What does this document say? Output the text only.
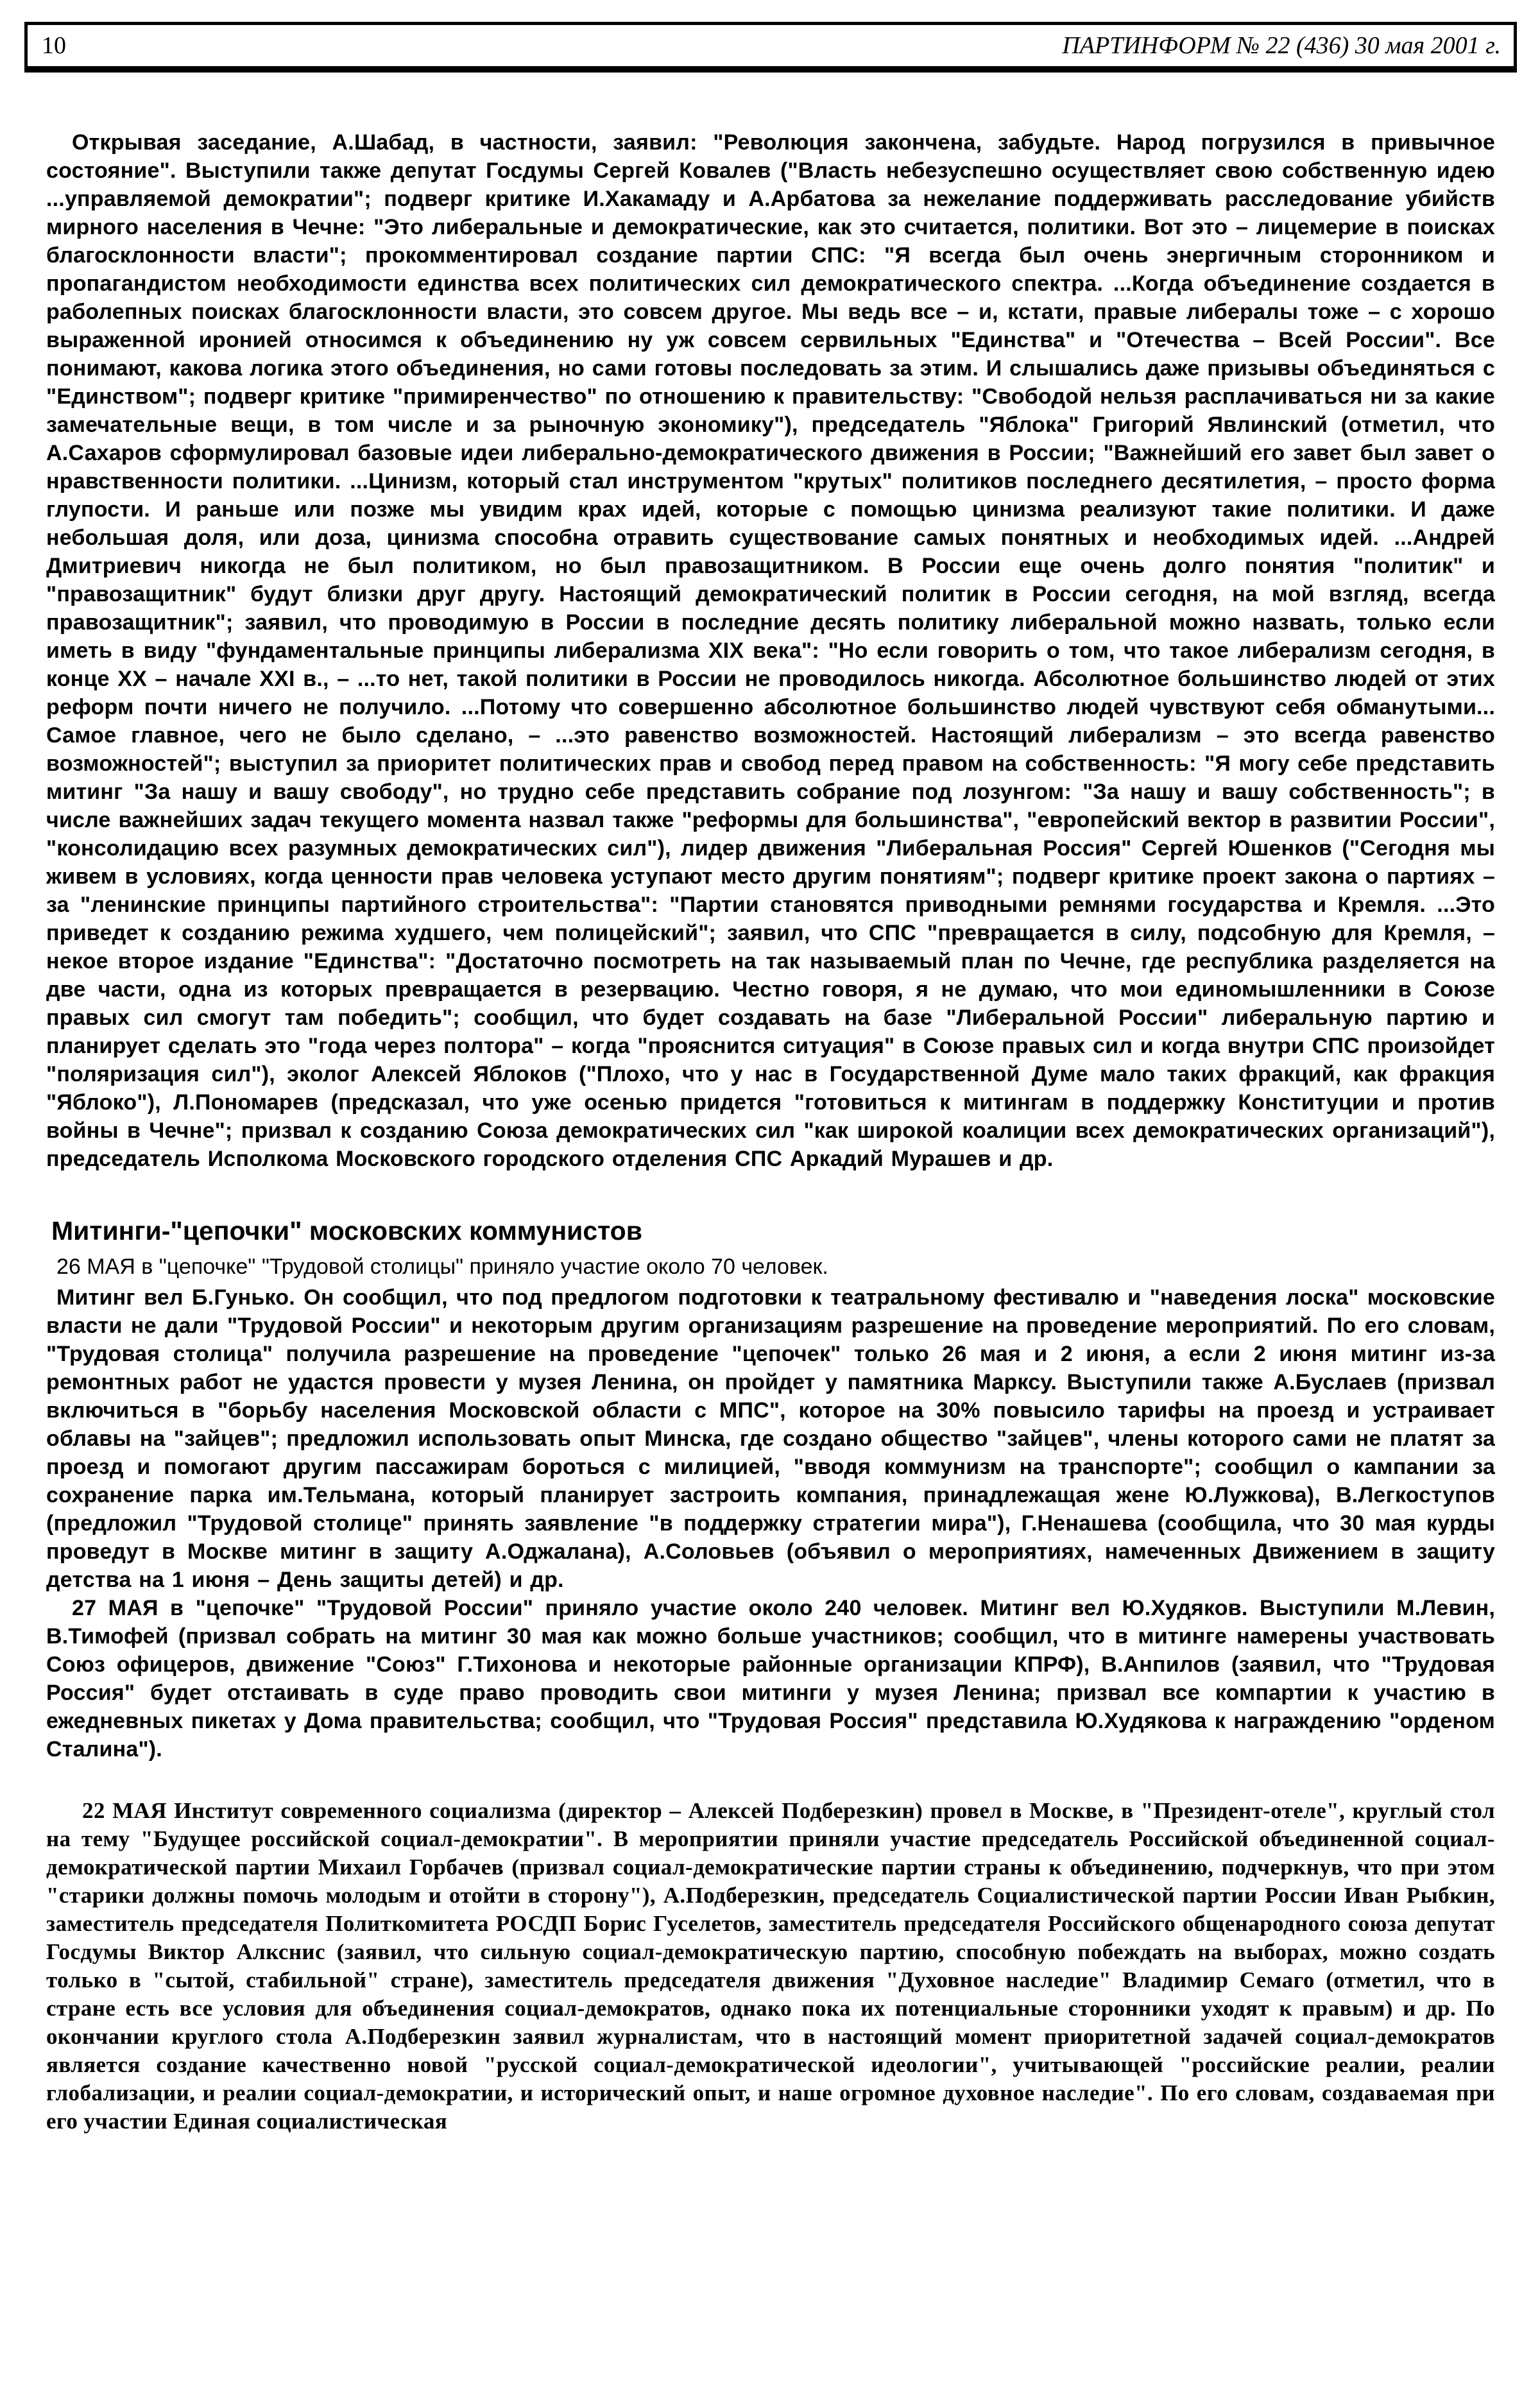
10	ПАРТИНФОРМ № 22 (436) 30 мая 2001 г.

Открывая заседание, А.Шабад, в частности, заявил: "Революция закончена, забудьте. Народ погрузился в привычное состояние". Выступили также депутат Госдумы Сергей Ковалев ("Власть небезуспешно осуществляет свою собственную идею ...управляемой демократии"; подверг критике И.Хакамаду и А.Арбатова за нежелание поддерживать расследование убийств мирного населения в Чечне: "Это либеральные и демократические, как это считается, политики. Вот это – лицемерие в поисках благосклонности власти"; прокомментировал создание партии СПС: "Я всегда был очень энергичным сторонником и пропагандистом необходимости единства всех политических сил демократического спектра. ...Когда объединение создается в раболепных поисках благосклонности власти, это совсем другое. Мы ведь все – и, кстати, правые либералы тоже – с хорошо выраженной иронией относимся к объединению ну уж совсем сервильных "Единства" и "Отечества – Всей России". Все понимают, какова логика этого объединения, но сами готовы последовать за этим. И слышались даже призывы объединяться с "Единством"; подверг критике "примиренчество" по отношению к правительству: "Свободой нельзя расплачиваться ни за какие замечательные вещи, в том числе и за рыночную экономику"), председатель "Яблока" Григорий Явлинский (отметил, что А.Сахаров сформулировал базовые идеи либерально-демократического движения в России; "Важнейший его завет был завет о нравственности политики. ...Цинизм, который стал инструментом "крутых" политиков последнего десятилетия, – просто форма глупости. И раньше или позже мы увидим крах идей, которые с помощью цинизма реализуют такие политики. И даже небольшая доля, или доза, цинизма способна отравить существование самых понятных и необходимых идей. ...Андрей Дмитриевич никогда не был политиком, но был правозащитником. В России еще очень долго понятия "политик" и "правозащитник" будут близки друг другу. Настоящий демократический политик в России сегодня, на мой взгляд, всегда правозащитник"; заявил, что проводимую в России в последние десять политику либеральной можно назвать, только если иметь в виду "фундаментальные принципы либерализма XIX века": "Но если говорить о том, что такое либерализм сегодня, в конце XX – начале XXI в., – ...то нет, такой политики в России не проводилось никогда. Абсолютное большинство людей от этих реформ почти ничего не получило. ...Потому что совершенно абсолютное большинство людей чувствуют себя обманутыми... Самое главное, чего не было сделано, – ...это равенство возможностей. Настоящий либерализм – это всегда равенство возможностей"; выступил за приоритет политических прав и свобод перед правом на собственность: "Я могу себе представить митинг "За нашу и вашу свободу", но трудно себе представить собрание под лозунгом: "За нашу и вашу собственность"; в числе важнейших задач текущего момента назвал также "реформы для большинства", "европейский вектор в развитии России", "консолидацию всех разумных демократических сил"), лидер движения "Либеральная Россия" Сергей Юшенков ("Сегодня мы живем в условиях, когда ценности прав человека уступают место другим понятиям"; подверг критике проект закона о партиях – за "ленинские принципы партийного строительства": "Партии становятся приводными ремнями государства и Кремля. ...Это приведет к созданию режима худшего, чем полицейский"; заявил, что СПС "превращается в силу, подсобную для Кремля, – некое второе издание "Единства": "Достаточно посмотреть на так называемый план по Чечне, где республика разделяется на две части, одна из которых превращается в резервацию. Честно говоря, я не думаю, что мои единомышленники в Союзе правых сил смогут там победить"; сообщил, что будет создавать на базе "Либеральной России" либеральную партию и планирует сделать это "года через полтора" – когда "прояснится ситуация" в Союзе правых сил и когда внутри СПС произойдет "поляризация сил"), эколог Алексей Яблоков ("Плохо, что у нас в Государственной Думе мало таких фракций, как фракция "Яблоко"), Л.Пономарев (предсказал, что уже осенью придется "готовиться к митингам в поддержку Конституции и против войны в Чечне"; призвал к созданию Союза демократических сил "как широкой коалиции всех демократических организаций"), председатель Исполкома Московского городского отделения СПС Аркадий Мурашев и др.

Митинги-"цепочки" московских коммунистов

26 МАЯ в "цепочке" "Трудовой столицы" приняло участие около 70 человек.

Митинг вел Б.Гунько. Он сообщил, что под предлогом подготовки к театральному фестивалю и "наведения лоска" московские власти не дали "Трудовой России" и некоторым другим организациям разрешение на проведение мероприятий. По его словам, "Трудовая столица" получила разрешение на проведение "цепочек" только 26 мая и 2 июня, а если 2 июня митинг из-за ремонтных работ не удастся провести у музея Ленина, он пройдет у памятника Марксу. Выступили также А.Буслаев (призвал включиться в "борьбу населения Московской области с МПС", которое на 30% повысило тарифы на проезд и устраивает облавы на "зайцев"; предложил использовать опыт Минска, где создано общество "зайцев", члены которого сами не платят за проезд и помогают другим пассажирам бороться с милицией, "вводя коммунизм на транспорте"; сообщил о кампании за сохранение парка им.Тельмана, который планирует застроить компания, принадлежащая жене Ю.Лужкова), В.Легкоступов (предложил "Трудовой столице" принять заявление "в поддержку стратегии мира"), Г.Ненашева (сообщила, что 30 мая курды проведут в Москве митинг в защиту А.Оджалана), А.Соловьев (объявил о мероприятиях, намеченных Движением в защиту детства на 1 июня – День защиты детей) и др.

27 МАЯ в "цепочке" "Трудовой России" приняло участие около 240 человек. Митинг вел Ю.Худяков. Выступили М.Левин, В.Тимофей (призвал собрать на митинг 30 мая как можно больше участников; сообщил, что в митинге намерены участвовать Союз офицеров, движение "Союз" Г.Тихонова и некоторые районные организации КПРФ), В.Анпилов (заявил, что "Трудовая Россия" будет отстаивать в суде право проводить свои митинги у музея Ленина; призвал все компартии к участию в ежедневных пикетах у Дома правительства; сообщил, что "Трудовая Россия" представила Ю.Худякова к награждению "орденом Сталина").

22 МАЯ Институт современного социализма (директор – Алексей Подберезкин) провел в Москве, в "Президент-отеле", круглый стол на тему "Будущее российской социал-демократии". В мероприятии приняли участие председатель Российской объединенной социал-демократической партии Михаил Горбачев (призвал социал-демократические партии страны к объединению, подчеркнув, что при этом "старики должны помочь молодым и отойти в сторону"), А.Подберезкин, председатель Социалистической партии России Иван Рыбкин, заместитель председателя Политкомитета РОСДП Борис Гуселетов, заместитель председателя Российского общенародного союза депутат Госдумы Виктор Алкснис (заявил, что сильную социал-демократическую партию, способную побеждать на выборах, можно создать только в "сытой, стабильной" стране), заместитель председателя движения "Духовное наследие" Владимир Семаго (отметил, что в стране есть все условия для объединения социал-демократов, однако пока их потенциальные сторонники уходят к правым) и др. По окончании круглого стола А.Подберезкин заявил журналистам, что в настоящий момент приоритетной задачей социал-демократов является создание качественно новой "русской социал-демократической идеологии", учитывающей "российские реалии, реалии глобализации, и реалии социал-демократии, и исторический опыт, и наше огромное духовное наследие". По его словам, создаваемая при его участии Единая социалистическая
